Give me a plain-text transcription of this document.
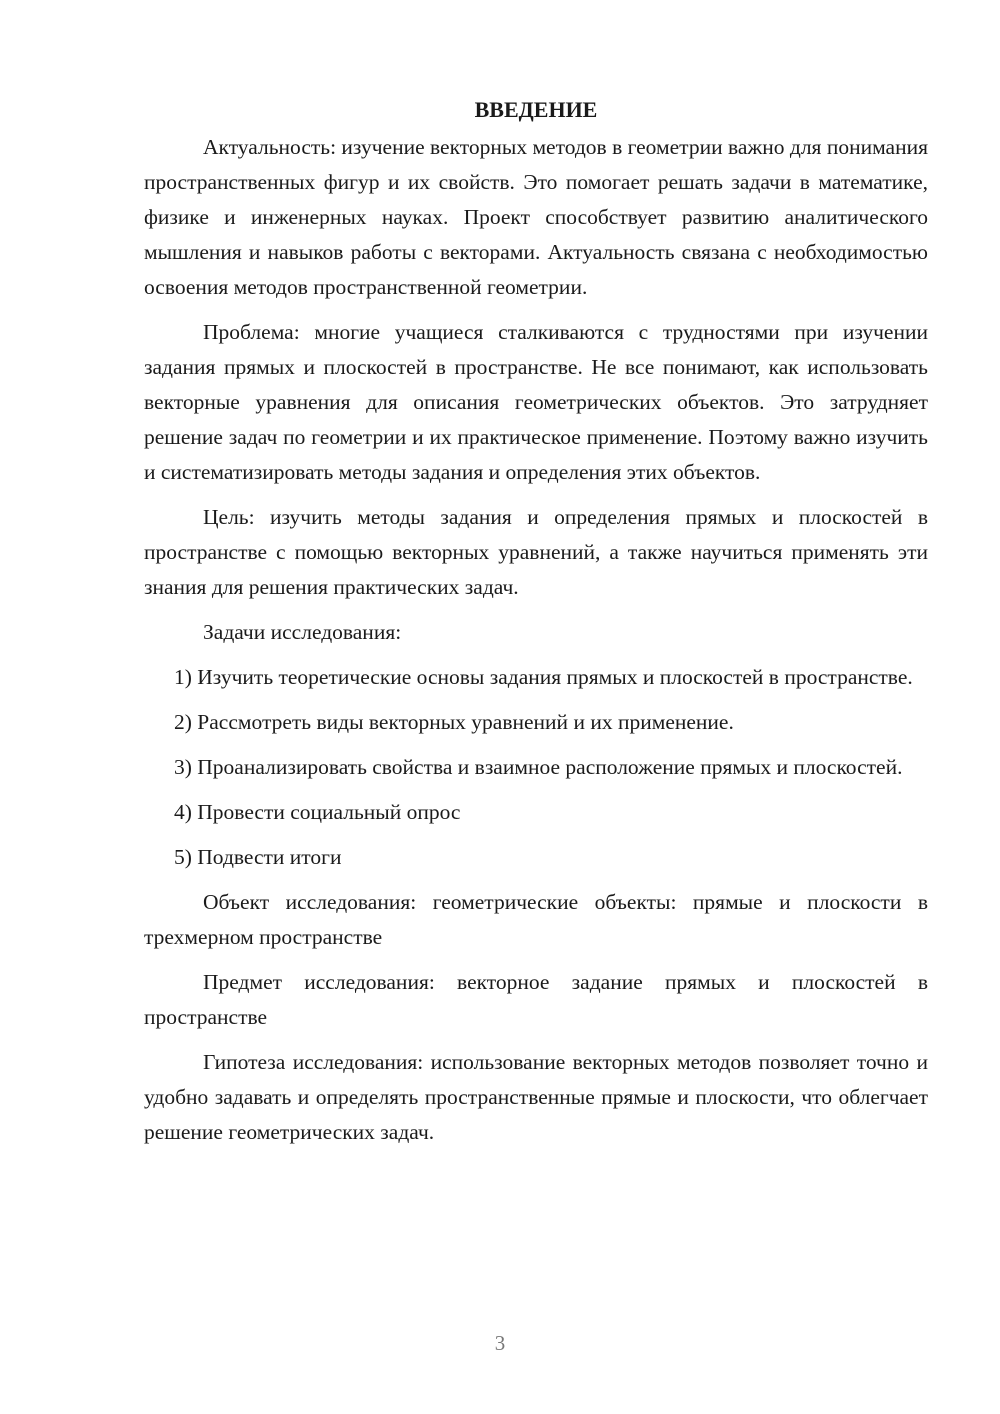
ВВЕДЕНИЕ

Актуальность: изучение векторных методов в геометрии важно для понимания пространственных фигур и их свойств. Это помогает решать задачи в математике, физике и инженерных науках. Проект способствует развитию аналитического мышления и навыков работы с векторами. Актуальность связана с необходимостью освоения методов пространственной геометрии.

Проблема: многие учащиеся сталкиваются с трудностями при изучении задания прямых и плоскостей в пространстве. Не все понимают, как использовать векторные уравнения для описания геометрических объектов. Это затрудняет решение задач по геометрии и их практическое применение. Поэтому важно изучить и систематизировать методы задания и определения этих объектов.

Цель: изучить методы задания и определения прямых и плоскостей в пространстве с помощью векторных уравнений, а также научиться применять эти знания для решения практических задач.

Задачи исследования:

1) Изучить теоретические основы задания прямых и плоскостей в пространстве.

2) Рассмотреть виды векторных уравнений и их применение.

3) Проанализировать свойства и взаимное расположение прямых и плоскостей.

4) Провести социальный опрос

5) Подвести итоги

Объект исследования: геометрические объекты: прямые и плоскости в трехмерном пространстве

Предмет исследования: векторное задание прямых и плоскостей в пространстве

Гипотеза исследования: использование векторных методов позволяет точно и удобно задавать и определять пространственные прямые и плоскости, что облегчает решение геометрических задач.

3
